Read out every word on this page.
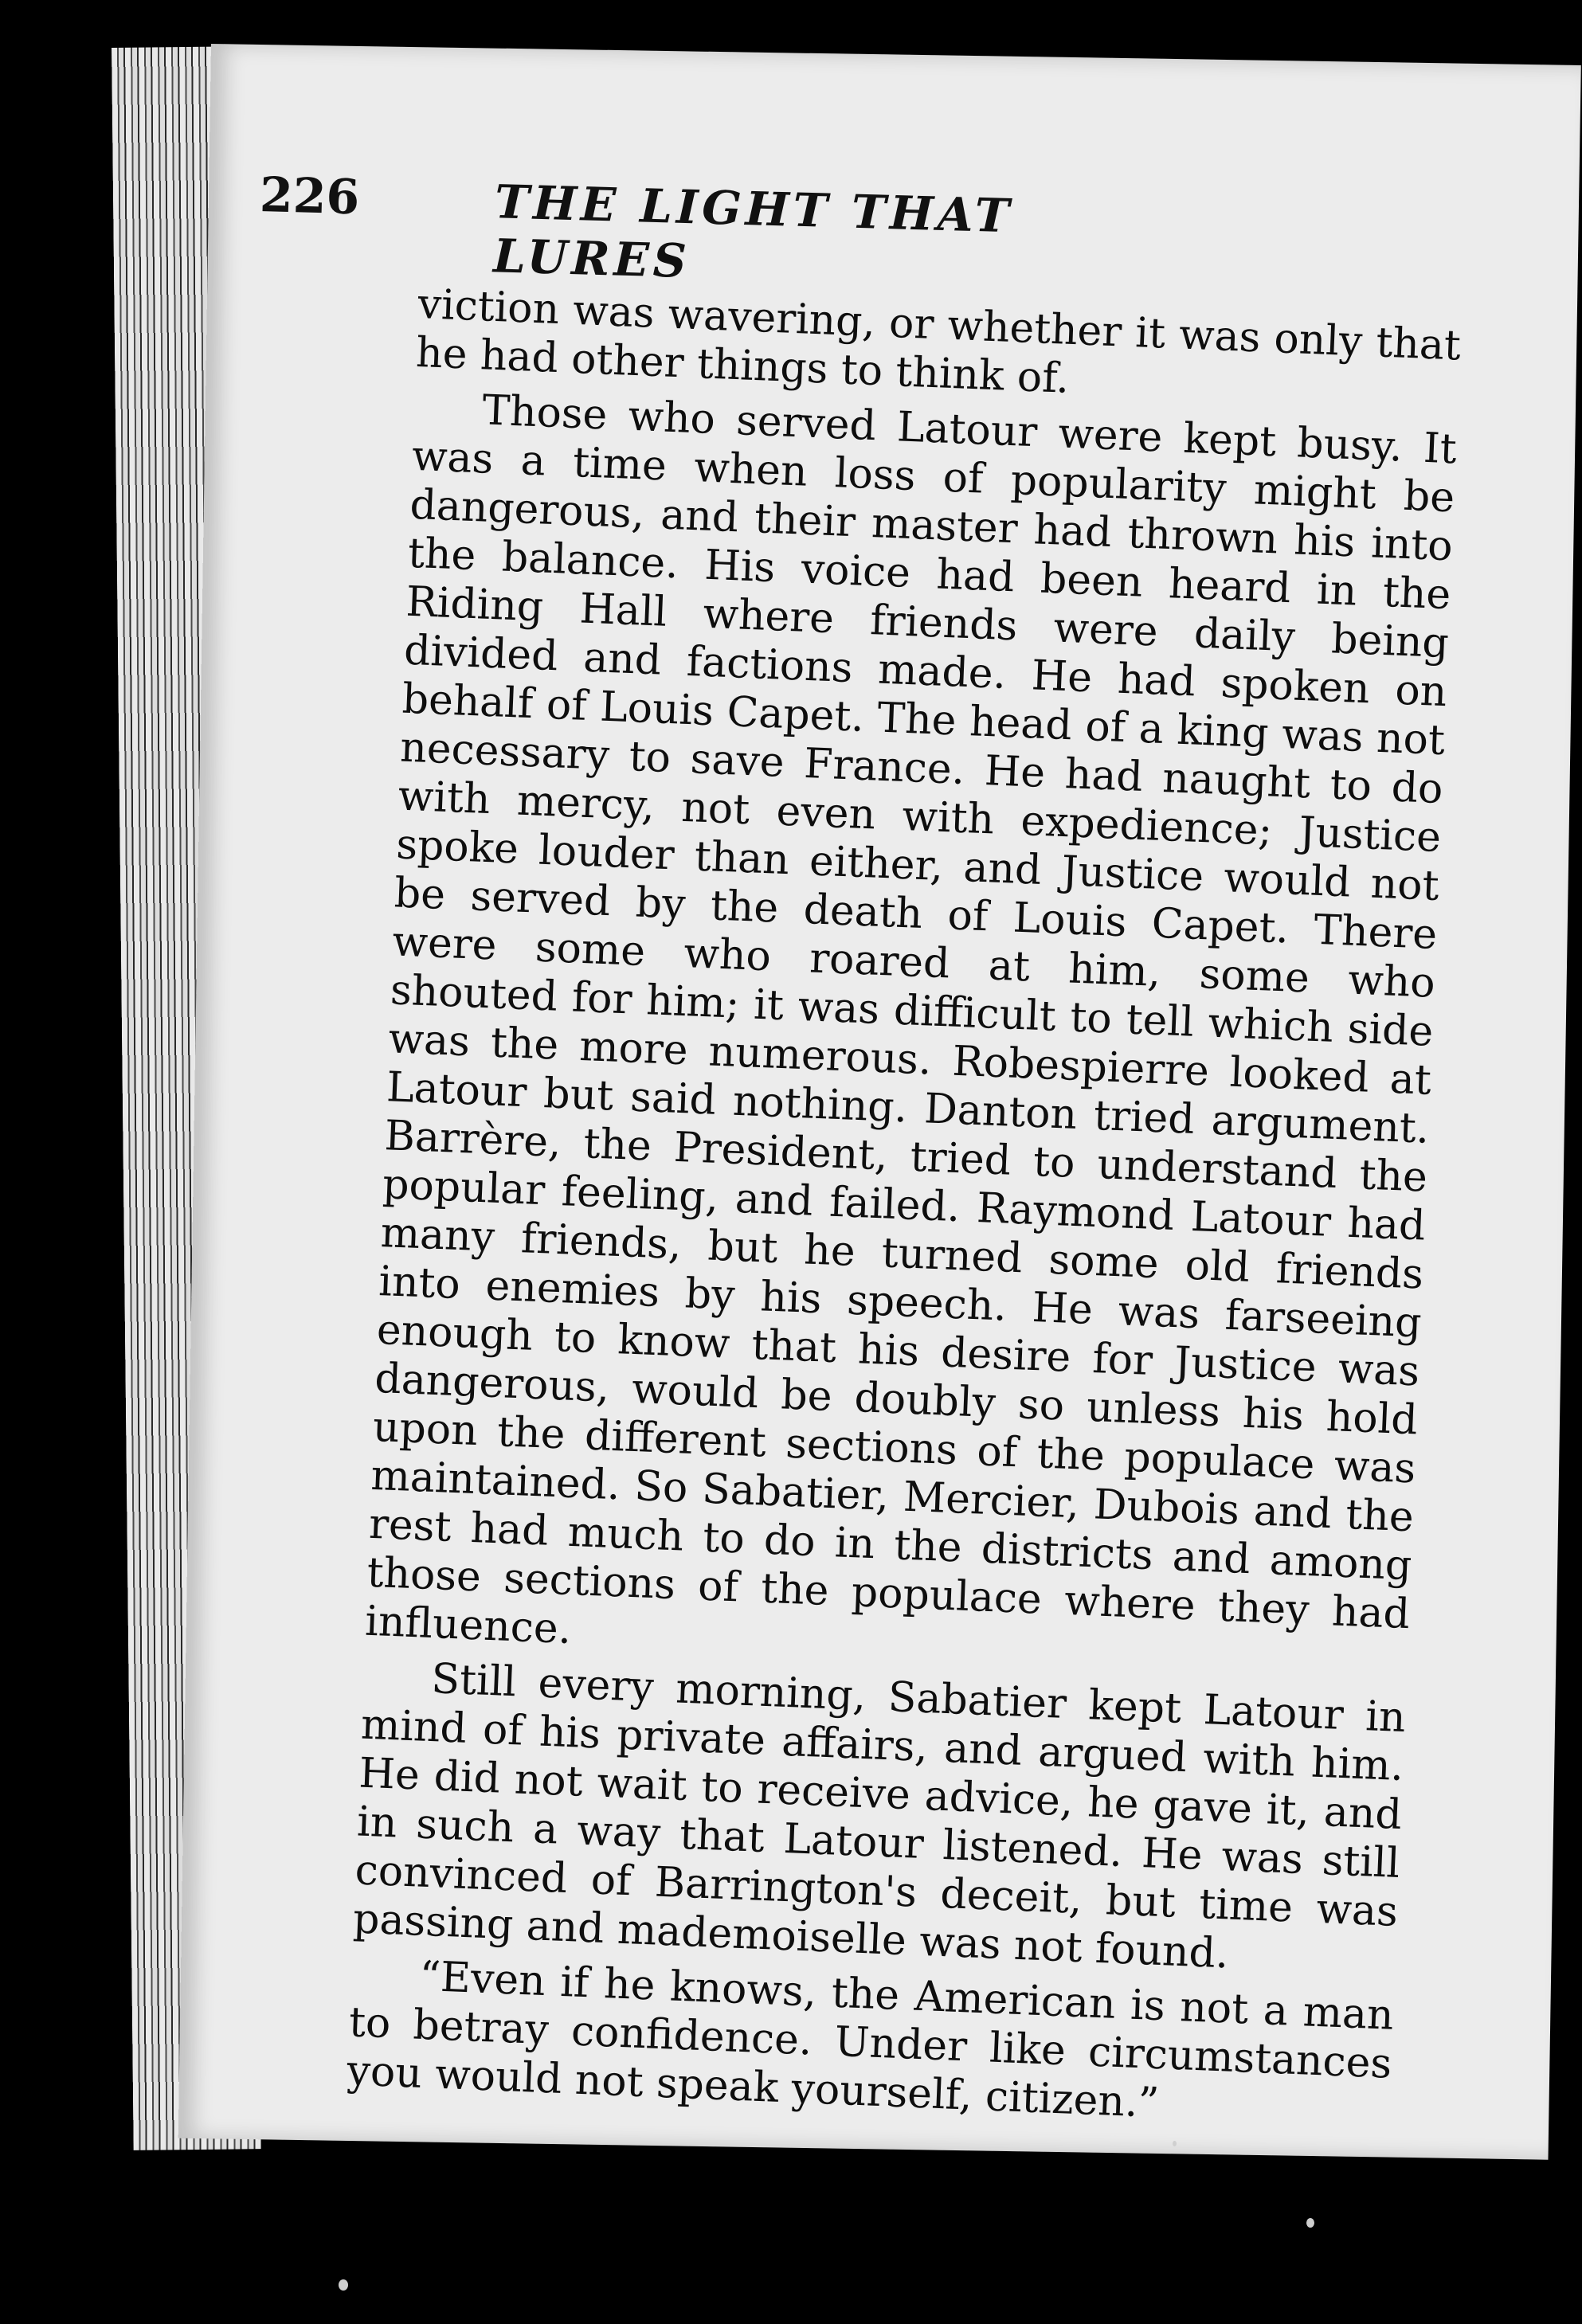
226	THE LIGHT THAT LURES

viction was wavering, or whether it was only that he had other things to think of.

Those who served Latour were kept busy. It was a time when loss of popularity might be dangerous, and their master had thrown his into the balance. His voice had been heard in the Riding Hall where friends were daily being divided and factions made. He had spoken on behalf of Louis Capet. The head of a king was not necessary to save France. He had naught to do with mercy, not even with expedience; Justice spoke louder than either, and Justice would not be served by the death of Louis Capet. There were some who roared at him, some who shouted for him; it was difficult to tell which side was the more numerous. Robespierre looked at Latour but said nothing. Danton tried argument. Barrère, the President, tried to understand the popular feeling, and failed. Raymond Latour had many friends, but he turned some old friends into enemies by his speech. He was farseeing enough to know that his desire for Justice was dangerous, would be doubly so unless his hold upon the different sections of the populace was maintained. So Sabatier, Mercier, Dubois and the rest had much to do in the districts and among those sections of the populace where they had influence.

Still every morning, Sabatier kept Latour in mind of his private affairs, and argued with him. He did not wait to receive advice, he gave it, and in such a way that Latour listened. He was still convinced of Barrington's deceit, but time was passing and mademoiselle was not found.

“Even if he knows, the American is not a man to betray confidence. Under like circumstances you would not speak yourself, citizen.”
